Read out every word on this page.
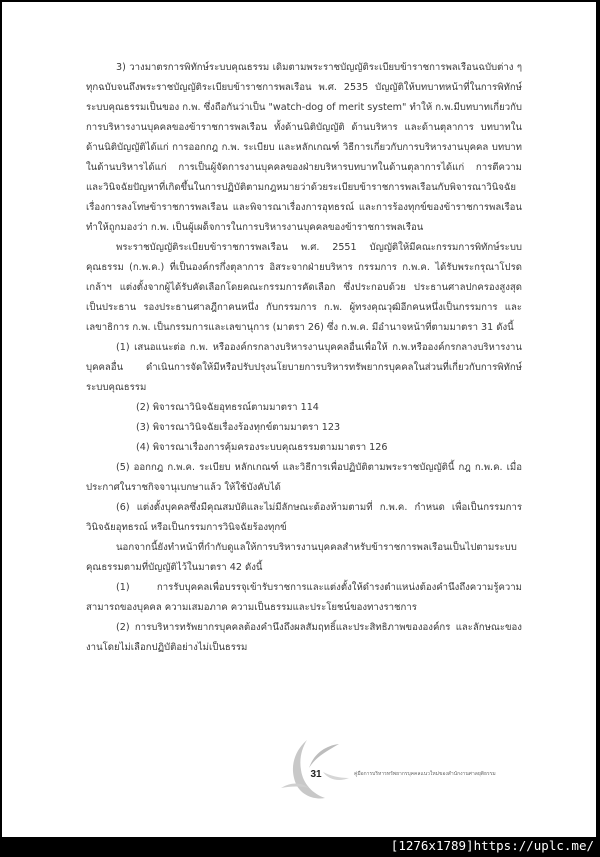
3) วางมาตรการพิทักษ์ระบบคุณธรรม เดิมตามพระราชบัญญัติระเบียบข้าราชการพลเรือนฉบับต่าง ๆ ทุกฉบับจนถึงพระราชบัญญัติระเบียบข้าราชการพลเรือน พ.ศ. 2535 บัญญัติให้บทบาทหน้าที่ในการพิทักษ์ระบบคุณธรรมเป็นของ ก.พ. ซึ่งถือกันว่าเป็น "watch-dog of merit system" ทำให้ ก.พ.มีบทบาทเกี่ยวกับการบริหารงานบุคคลของข้าราชการพลเรือน ทั้งด้านนิติบัญญัติ ด้านบริหาร และด้านตุลาการ บทบาทในด้านนิติบัญญัติได้แก่ การออกกฎ ก.พ. ระเบียบ และหลักเกณฑ์ วิธีการเกี่ยวกับการบริหารงานบุคคล บทบาทในด้านบริหารได้แก่ การเป็นผู้จัดการงานบุคคลของฝ่ายบริหารบทบาทในด้านตุลาการได้แก่ การตีความ และวินิจฉัยปัญหาที่เกิดขึ้นในการปฏิบัติตามกฎหมายว่าด้วยระเบียบข้าราชการพลเรือนกับพิจารณาวินิจฉัยเรื่องการลงโทษข้าราชการพลเรือน และพิจารณาเรื่องการอุทธรณ์ และการร้องทุกข์ของข้าราชการพลเรือน ทำให้ถูกมองว่า ก.พ. เป็นผู้เผด็จการในการบริหารงานบุคคลของข้าราชการพลเรือน

พระราชบัญญัติระเบียบข้าราชการพลเรือน พ.ศ. 2551 บัญญัติให้มีคณะกรรมการพิทักษ์ระบบคุณธรรม (ก.พ.ค.) ที่เป็นองค์กรกึ่งตุลาการ อิสระจากฝ่ายบริหาร กรรมการ ก.พ.ค. ได้รับพระกรุณาโปรดเกล้าฯ แต่งตั้งจากผู้ได้รับคัดเลือกโดยคณะกรรมการคัดเลือก ซึ่งประกอบด้วย ประธานศาลปกครองสูงสุดเป็นประธาน รองประธานศาลฎีกาคนหนึ่ง กับกรรมการ ก.พ. ผู้ทรงคุณวุฒิอีกคนหนึ่งเป็นกรรมการ และเลขาธิการ ก.พ. เป็นกรรมการและเลขานุการ (มาตรา 26) ซึ่ง ก.พ.ค. มีอำนาจหน้าที่ตามมาตรา 31 ดังนี้

(1) เสนอแนะต่อ ก.พ. หรือองค์กรกลางบริหารงานบุคคลอื่นเพื่อให้ ก.พ.หรือองค์กรกลางบริหารงานบุคคลอื่น ดำเนินการจัดให้มีหรือปรับปรุงนโยบายการบริหารทรัพยากรบุคคลในส่วนที่เกี่ยวกับการพิทักษ์ระบบคุณธรรม

(2) พิจารณาวินิจฉัยอุทธรณ์ตามมาตรา 114

(3) พิจารณาวินิจฉัยเรื่องร้องทุกข์ตามมาตรา 123

(4) พิจารณาเรื่องการคุ้มครองระบบคุณธรรมตามมาตรา 126

(5) ออกกฎ ก.พ.ค. ระเบียบ หลักเกณฑ์ และวิธีการเพื่อปฏิบัติตามพระราชบัญญัตินี้ กฎ ก.พ.ค. เมื่อประกาศในราชกิจจานุเบกษาแล้ว ให้ใช้บังคับได้

(6) แต่งตั้งบุคคลซึ่งมีคุณสมบัติและไม่มีลักษณะต้องห้ามตามที่ ก.พ.ค. กำหนด เพื่อเป็นกรรมการวินิจฉัยอุทธรณ์ หรือเป็นกรรมการวินิจฉัยร้องทุกข์

นอกจากนี้ยังทำหน้าที่กำกับดูแลให้การบริหารงานบุคคลสำหรับข้าราชการพลเรือนเป็นไปตามระบบคุณธรรมตามที่บัญญัติไว้ในมาตรา 42 ดังนี้

(1) การรับบุคคลเพื่อบรรจุเข้ารับราชการและแต่งตั้งให้ดำรงตำแหน่งต้องคำนึงถึงความรู้ความสามารถของบุคคล ความเสมอภาค ความเป็นธรรมและประโยชน์ของทางราชการ

(2) การบริหารทรัพยากรบุคคลต้องคำนึงถึงผลสัมฤทธิ์และประสิทธิภาพขององค์กร และลักษณะของงานโดยไม่เลือกปฏิบัติอย่างไม่เป็นธรรม

31	คู่มือการบริหารทรัพยากรบุคคลแนวใหม่ของสำนักงานศาลยุติธรรม
[1276x1789]https://uplc.me/
